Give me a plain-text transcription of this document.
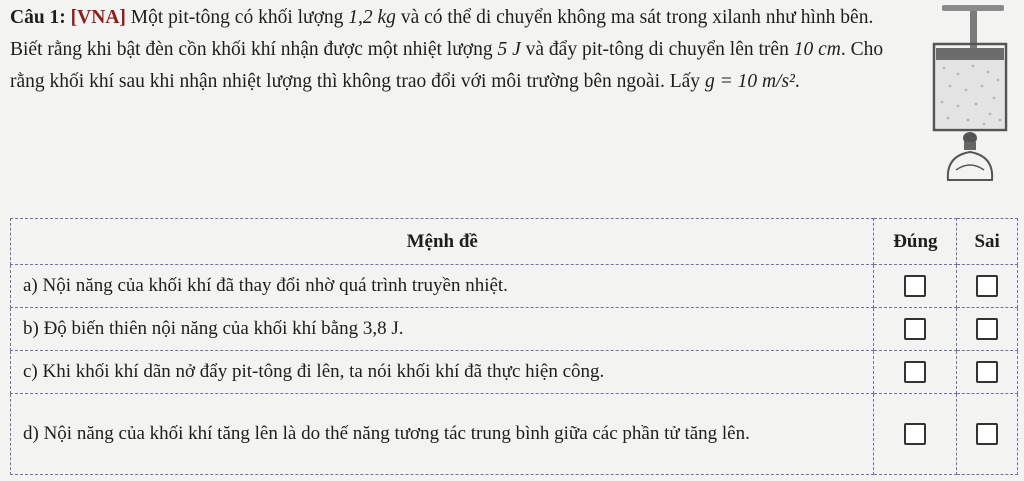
Câu 1: [VNA] Một pit-tông có khối lượng 1,2 kg và có thể di chuyển không ma sát trong xilanh như hình bên. Biết rằng khi bật đèn cồn khối khí nhận được một nhiệt lượng 5 J và đẩy pit-tông di chuyển lên trên 10 cm. Cho rằng khối khí sau khi nhận nhiệt lượng thì không trao đổi với môi trường bên ngoài. Lấy g = 10 m/s².
Mệnh đề	Đúng	Sai
a) Nội năng của khối khí đã thay đổi nhờ quá trình truyền nhiệt.		
b) Độ biến thiên nội năng của khối khí bằng 3,8 J.		
c) Khi khối khí dãn nở đẩy pit-tông đi lên, ta nói khối khí đã thực hiện công.		
d) Nội năng của khối khí tăng lên là do thế năng tương tác trung bình giữa các phần tử tăng lên.		
